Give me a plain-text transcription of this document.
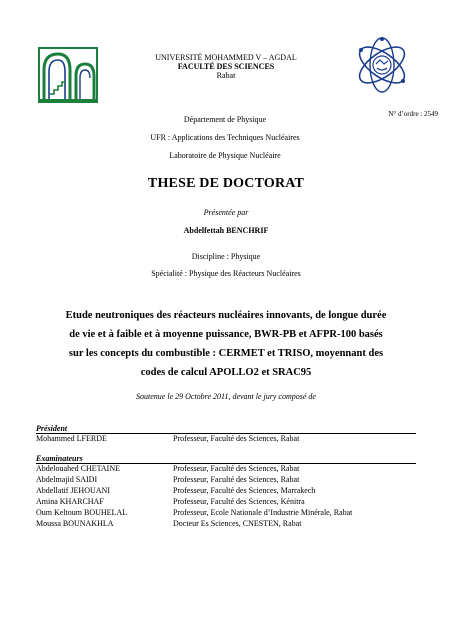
UNIVERSITÉ MOHAMMED V – AGDAL
FACULTÉ DES SCIENCES
Rabat
N° d’ordre : 2549
Département de Physique
UFR : Applications des Techniques Nucléaires
Laboratoire de Physique Nucléaire
THESE DE DOCTORAT
Présentée par
Abdelfettah BENCHRIF
Discipline : Physique
Spécialité : Physique des Réacteurs Nucléaires
Etude neutroniques des réacteurs nucléaires innovants, de longue durée
de vie et à faible et à moyenne puissance, BWR-PB et AFPR-100 basés
sur les concepts du combustible : CERMET et TRISO, moyennant des
codes de calcul APOLLO2 et SRAC95
Soutenue le 29 Octobre 2011, devant le jury composé de
Président
Mohammed LFERDE	Professeur, Faculté des Sciences, Rabat
Examinateurs
Abdelouahed CHETAINE	Professeur, Faculté des Sciences, Rabat
Abdelmajid SAIDI	Professeur, Faculté des Sciences, Rabat
Abdellatif JEHOUANI	Professeur, Faculté des Sciences, Marrakech
Amina KHARCHAF	Professeur, Faculté des Sciences, Kénitra
Oum Keltoum BOUHELAL	Professeur, Ecole Nationale d’Industrie Minérale, Rabat
Moussa BOUNAKHLA	Docteur Es Sciences, CNESTEN, Rabat
